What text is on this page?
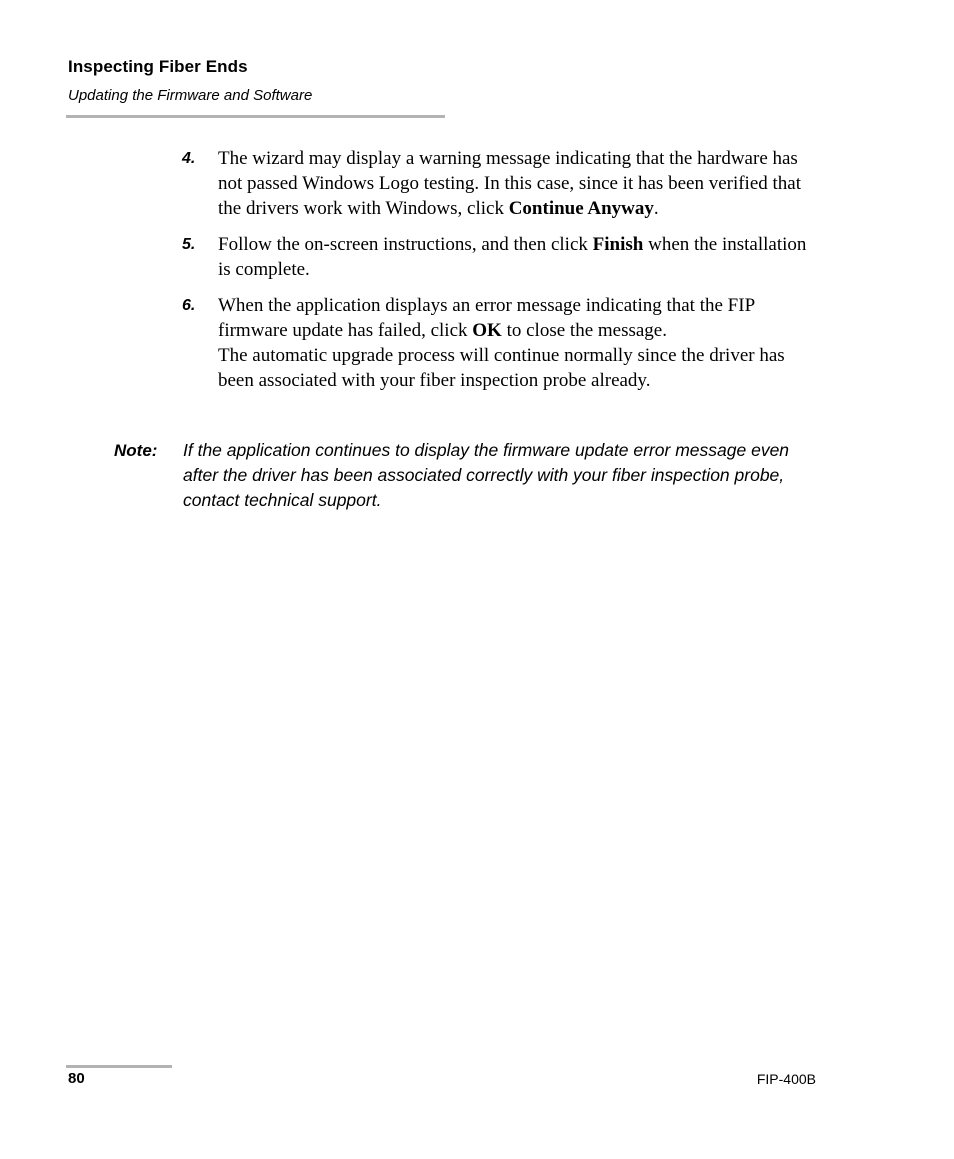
Inspecting Fiber Ends
Updating the Firmware and Software
4. The wizard may display a warning message indicating that the hardware has not passed Windows Logo testing. In this case, since it has been verified that the drivers work with Windows, click Continue Anyway.
5. Follow the on-screen instructions, and then click Finish when the installation is complete.
6. When the application displays an error message indicating that the FIP firmware update has failed, click OK to close the message.
The automatic upgrade process will continue normally since the driver has been associated with your fiber inspection probe already.
Note: If the application continues to display the firmware update error message even after the driver has been associated correctly with your fiber inspection probe, contact technical support.
80	FIP-400B
